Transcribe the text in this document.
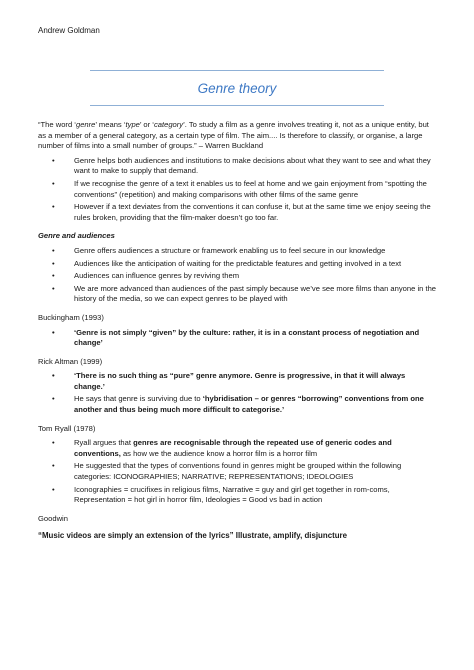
Andrew Goldman
Genre theory

“The word ‘genre’ means ‘type’ or ‘category’. To study a film as a genre involves treating it, not as a unique entity, but as a member of a general category, as a certain type of film. The aim.... Is therefore to classify, or organise, a large number of films into a small number of groups.” – Warren Buckland

• Genre helps both audiences and institutions to make decisions about what they want to see and what they want to make to supply that demand.
• If we recognise the genre of a text it enables us to feel at home and we gain enjoyment from “spotting the conventions” (repetition) and making comparisons with other films of the same genre
• However if a text deviates from the conventions it can confuse it, but at the same time we enjoy seeing the rules broken, providing that the film-maker doesn’t go too far.

Genre and audiences

• Genre offers audiences a structure or framework enabling us to feel secure in our knowledge
• Audiences like the anticipation of waiting for the predictable features and getting involved in a text
• Audiences can influence genres by reviving them
• We are more advanced than audiences of the past simply because we’ve see more films than anyone in the history of the media, so we can expect genres to be played with

Buckingham (1993)

• ‘Genre is not simply “given” by the culture: rather, it is in a constant process of negotiation and change’

Rick Altman (1999)

• ‘There is no such thing as “pure” genre anymore. Genre is progressive, in that it will always change.’
• He says that genre is surviving due to ‘hybridisation – or genres “borrowing” conventions from one another and thus being much more difficult to categorise.’

Tom Ryall (1978)

• Ryall argues that genres are recognisable through the repeated use of generic codes and conventions, as how we the audience know a horror film is a horror film
• He suggested that the types of conventions found in genres might be grouped within the following categories: ICONOGRAPHIES; NARRATIVE; REPRESENTATIONS; IDEOLOGIES
• Iconographies = crucifixes in religious films, Narrative = guy and girl get together in rom-coms, Representation = hot girl in horror film, Ideologies = Good vs bad in action

Goodwin

“Music videos are simply an extension of the lyrics” Illustrate, amplify, disjuncture
